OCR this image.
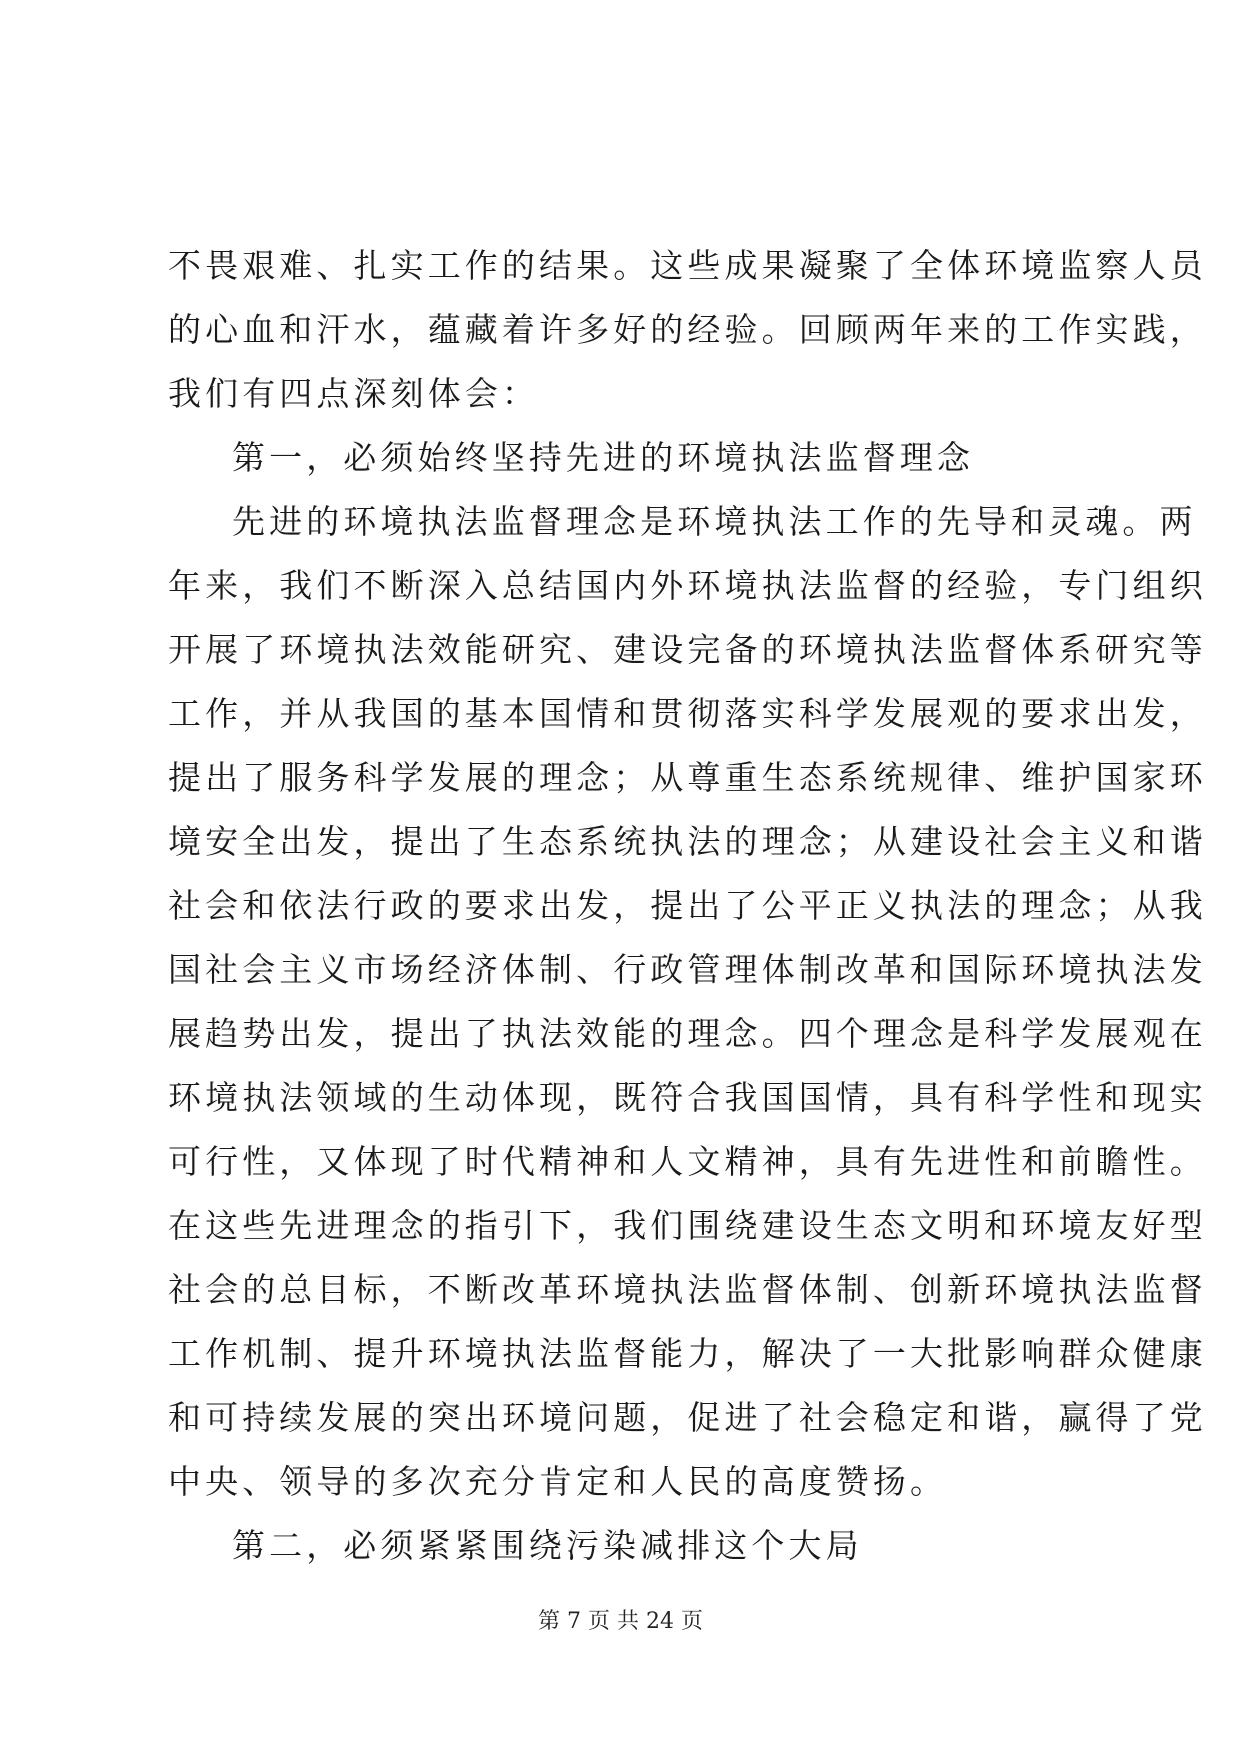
不畏艰难、扎实工作的结果。这些成果凝聚了全体环境监察人员
的心血和汗水，蕴藏着许多好的经验。回顾两年来的工作实践，
我们有四点深刻体会：
第一，必须始终坚持先进的环境执法监督理念
先进的环境执法监督理念是环境执法工作的先导和灵魂。两
年来，我们不断深入总结国内外环境执法监督的经验，专门组织
开展了环境执法效能研究、建设完备的环境执法监督体系研究等
工作，并从我国的基本国情和贯彻落实科学发展观的要求出发，
提出了服务科学发展的理念；从尊重生态系统规律、维护国家环
境安全出发，提出了生态系统执法的理念；从建设社会主义和谐
社会和依法行政的要求出发，提出了公平正义执法的理念；从我
国社会主义市场经济体制、行政管理体制改革和国际环境执法发
展趋势出发，提出了执法效能的理念。四个理念是科学发展观在
环境执法领域的生动体现，既符合我国国情，具有科学性和现实
可行性，又体现了时代精神和人文精神，具有先进性和前瞻性。
在这些先进理念的指引下，我们围绕建设生态文明和环境友好型
社会的总目标，不断改革环境执法监督体制、创新环境执法监督
工作机制、提升环境执法监督能力，解决了一大批影响群众健康
和可持续发展的突出环境问题，促进了社会稳定和谐，赢得了党
中央、领导的多次充分肯定和人民的高度赞扬。
第二，必须紧紧围绕污染减排这个大局
第 7 页 共 24 页
